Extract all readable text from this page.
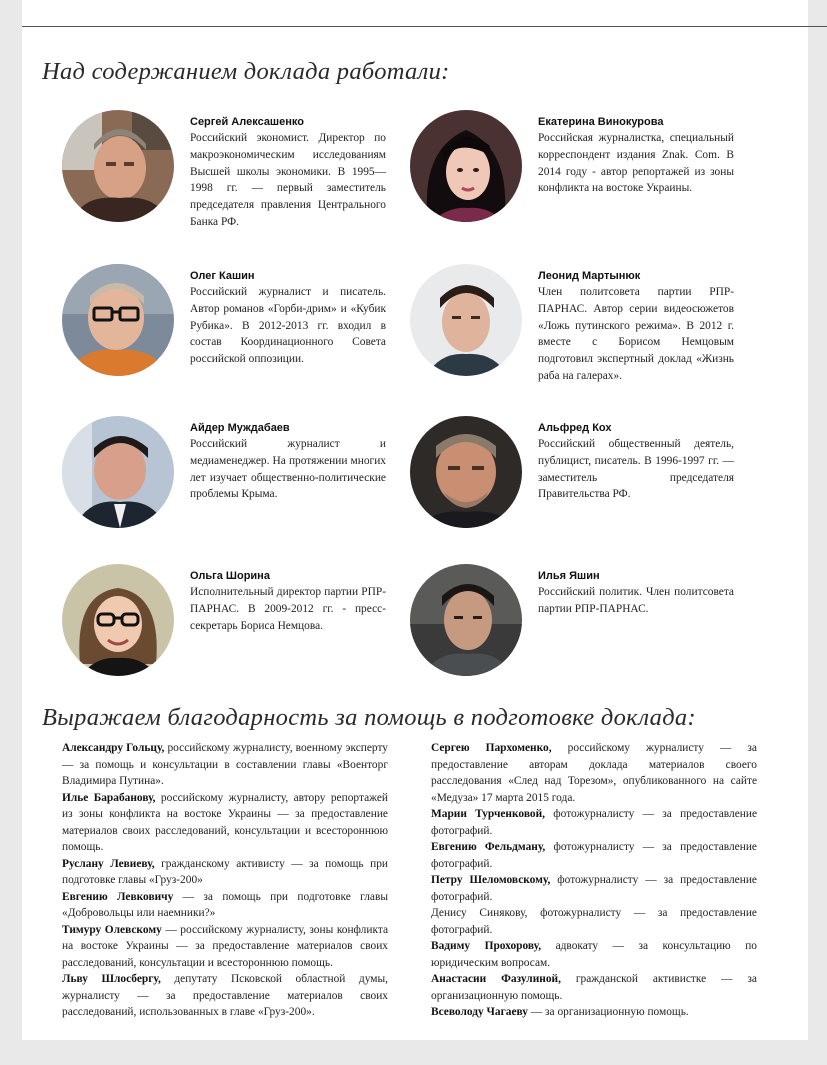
Над содержанием доклада работали:
Сергей Алексашенко
Российский экономист. Директор по макроэкономическим исследованиям Высшей школы экономики. В 1995—1998 гг. — первый заместитель председателя правления Центрального Банка РФ.
Екатерина Винокурова
Российская журналистка, специальный корреспондент издания Znak. Com. В 2014 году - автор репортажей из зоны конфликта на востоке Украины.
Олег Кашин
Российский журналист и писатель. Автор романов «Горби-дрим» и «Кубик Рубика». В 2012-2013 гг. входил в состав Координационного Совета российской оппозиции.
Леонид Мартынюк
Член политсовета партии РПР-ПАРНАС. Автор серии видеосюжетов «Ложь путинского режима». В 2012 г. вместе с Борисом Немцовым подготовил экспертный доклад «Жизнь раба на галерах».
Айдер Муждабаев
Российский журналист и медиаменеджер. На протяжении многих лет изучает общественно-политические проблемы Крыма.
Альфред Кох
Российский общественный деятель, публицист, писатель. В 1996-1997 гг. — заместитель председателя Правительства РФ.
Ольга Шорина
Исполнительный директор партии РПР-ПАРНАС. В 2009-2012 гг. - пресс-секретарь Бориса Немцова.
Илья Яшин
Российский политик. Член политсовета партии РПР-ПАРНАС.
Выражаем благодарность за помощь в подготовке доклада:

Александру Гольцу, российскому журналисту, военному эксперту — за помощь и консультации в составлении главы «Военторг Владимира Путина».

Илье Барабанову, российскому журналисту, автору репортажей из зоны конфликта на востоке Украины — за предоставление материалов своих расследований, консультации и всестороннюю помощь.

Руслану Левиеву, гражданскому активисту — за помощь при подготовке главы «Груз-200»

Евгению Левковичу — за помощь при подготовке главы «Добровольцы или наемники?»

Тимуру Олевскому — российскому журналисту, зоны конфликта на востоке Украины — за предоставление материалов своих расследований, консультации и всестороннюю помощь.

Льву Шлосбергу, депутату Псковской областной думы, журналисту — за предоставление материалов своих расследований, использованных в главе «Груз-200».

Сергею Пархоменко, российскому журналисту — за предоставление авторам доклада материалов своего расследования «След над Торезом», опубликованного на сайте «Медуза» 17 марта 2015 года.

Марии Турченковой, фотожурналисту — за предоставление фотографий.

Евгению Фельдману, фотожурналисту — за предоставление фотографий.

Петру Шеломовскому, фотожурналисту — за предоставление фотографий.

Денису Синякову, фотожурналисту — за предоставление фотографий.

Вадиму Прохорову, адвокату — за консультацию по юридическим вопросам.

Анастасии Фазулиной, гражданской активистке — за организационную помощь.

Всеволоду Чагаеву — за организационную помощь.
